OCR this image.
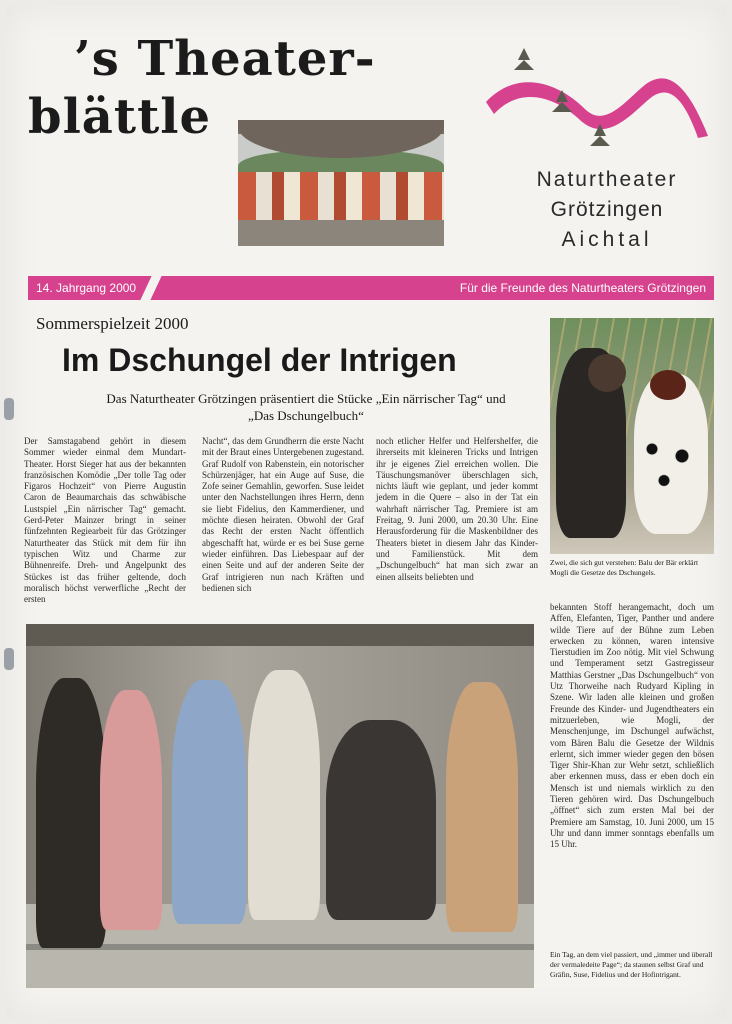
’s Theater-
blättle

Naturtheater

Grötzingen

Aichtal

14. Jahrgang 2000	Für die Freunde des Naturtheaters Grötzingen

Sommerspielzeit 2000

Im Dschungel der Intrigen

Das Naturtheater Grötzingen präsentiert die Stücke „Ein närrischer Tag“ und „Das Dschungelbuch“

Der Samstagabend gehört in diesem Sommer wieder einmal dem Mundart-Theater. Horst Sieger hat aus der bekannten französischen Komödie „Der tolle Tag oder Figaros Hochzeit“ von Pierre Augustin Caron de Beaumarchais das schwäbische Lustspiel „Ein närrischer Tag“ gemacht. Gerd-Peter Mainzer bringt in seiner fünfzehnten Regiearbeit für das Grötzinger Naturtheater das Stück mit dem für ihn typischen Witz und Charme zur Bühnenreife. Dreh- und Angelpunkt des Stückes ist das früher geltende, doch moralisch höchst verwerfliche „Recht der ersten

Nacht“, das dem Grundherrn die erste Nacht mit der Braut eines Untergebenen zugestand. Graf Rudolf von Rabenstein, ein notorischer Schürzenjäger, hat ein Auge auf Suse, die Zofe seiner Gemahlin, geworfen. Suse leidet unter den Nachstellungen ihres Herrn, denn sie liebt Fidelius, den Kammerdiener, und möchte diesen heiraten. Obwohl der Graf das Recht der ersten Nacht öffentlich abgeschafft hat, würde er es bei Suse gerne wieder einführen. Das Liebespaar auf der einen Seite und auf der anderen Seite der Graf intrigieren nun nach Kräften und bedienen sich

noch etlicher Helfer und Helfershelfer, die ihrerseits mit kleineren Tricks und Intrigen ihr je eigenes Ziel erreichen wollen. Die Täuschungsmanöver überschlagen sich, nichts läuft wie geplant, und jeder kommt jedem in die Quere – also in der Tat ein wahrhaft närrischer Tag. Premiere ist am Freitag, 9. Juni 2000, um 20.30 Uhr. Eine Herausforderung für die Maskenbildner des Theaters bietet in diesem Jahr das Kinder- und Familienstück. Mit dem „Dschungelbuch“ hat man sich zwar an einen allseits beliebten und

Zwei, die sich gut verstehen: Balu der Bär erklärt Mogli die Gesetze des Dschungels.

bekannten Stoff herangemacht, doch um Affen, Elefanten, Tiger, Panther und andere wilde Tiere auf der Bühne zum Leben erwecken zu können, waren intensive Tierstudien im Zoo nötig. Mit viel Schwung und Temperament setzt Gastregisseur Matthias Gerstner „Das Dschungelbuch“ von Utz Thorweihe nach Rudyard Kipling in Szene. Wir laden alle kleinen und großen Freunde des Kinder- und Jugendtheaters ein mitzuerleben, wie Mogli, der Menschenjunge, im Dschungel aufwächst, vom Bären Balu die Gesetze der Wildnis erlernt, sich immer wieder gegen den bösen Tiger Shir-Khan zur Wehr setzt, schließlich aber erkennen muss, dass er eben doch ein Mensch ist und niemals wirklich zu den Tieren gehören wird. Das Dschungelbuch „öffnet“ sich zum ersten Mal bei der Premiere am Samstag, 10. Juni 2000, um 15 Uhr und dann immer sonntags ebenfalls um 15 Uhr.

Ein Tag, an dem viel passiert, und „immer und überall der vermaledeite Page“; da staunen selbst Graf und Gräfin, Suse, Fidelius und der Hofintrigant.
